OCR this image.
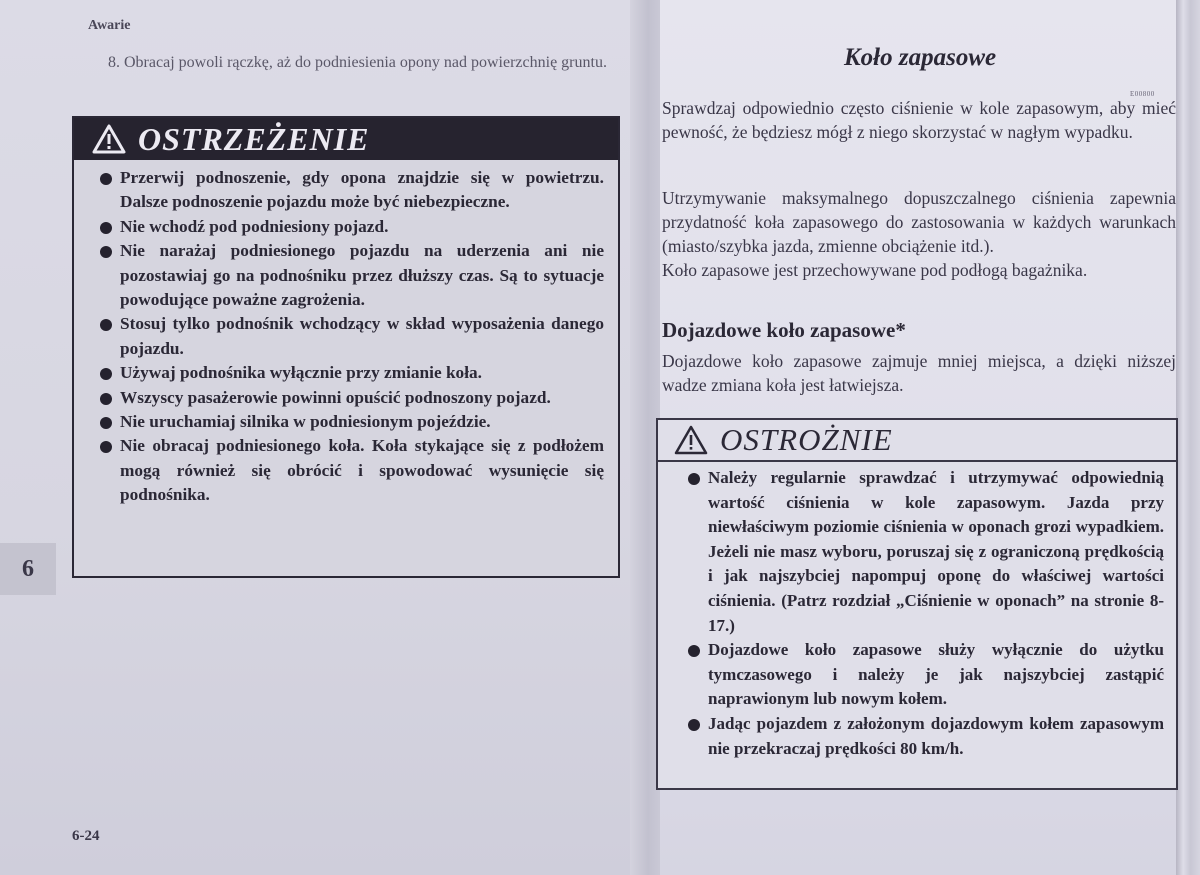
Awarie
8. Obracaj powoli rączkę, aż do podniesienia opony nad powierzchnię gruntu.
OSTRZEŻENIE
Przerwij podnoszenie, gdy opona znajdzie się w powietrzu. Dalsze podnoszenie pojazdu może być niebezpieczne.
Nie wchodź pod podniesiony pojazd.
Nie narażaj podniesionego pojazdu na uderzenia ani nie pozostawiaj go na podnośniku przez dłuższy czas. Są to sytuacje powodujące poważne zagrożenia.
Stosuj tylko podnośnik wchodzący w skład wyposażenia danego pojazdu.
Używaj podnośnika wyłącznie przy zmianie koła.
Wszyscy pasażerowie powinni opuścić podnoszony pojazd.
Nie uruchamiaj silnika w podniesionym pojeździe.
Nie obracaj podniesionego koła. Koła stykające się z podłożem mogą również się obrócić i spowodować wysunięcie się podnośnika.
6
6-24
Koło zapasowe
E00800
Sprawdzaj odpowiednio często ciśnienie w kole zapasowym, aby mieć pewność, że będziesz mógł z niego skorzystać w nagłym wypadku.
Utrzymywanie maksymalnego dopuszczalnego ciśnienia zapewnia przydatność koła zapasowego do zastosowania w każdych warunkach (miasto/szybka jazda, zmienne obciążenie itd.).
Koło zapasowe jest przechowywane pod podłogą bagażnika.
Dojazdowe koło zapasowe*
Dojazdowe koło zapasowe zajmuje mniej miejsca, a dzięki niższej wadze zmiana koła jest łatwiejsza.
OSTROŻNIE
Należy regularnie sprawdzać i utrzymywać odpowiednią wartość ciśnienia w kole zapasowym. Jazda przy niewłaściwym poziomie ciśnienia w oponach grozi wypadkiem. Jeżeli nie masz wyboru, poruszaj się z ograniczoną prędkością i jak najszybciej napompuj oponę do właściwej wartości ciśnienia. (Patrz rozdział „Ciśnienie w oponach” na stronie 8-17.)
Dojazdowe koło zapasowe służy wyłącznie do użytku tymczasowego i należy je jak najszybciej zastąpić naprawionym lub nowym kołem.
Jadąc pojazdem z założonym dojazdowym kołem zapasowym nie przekraczaj prędkości 80 km/h.
